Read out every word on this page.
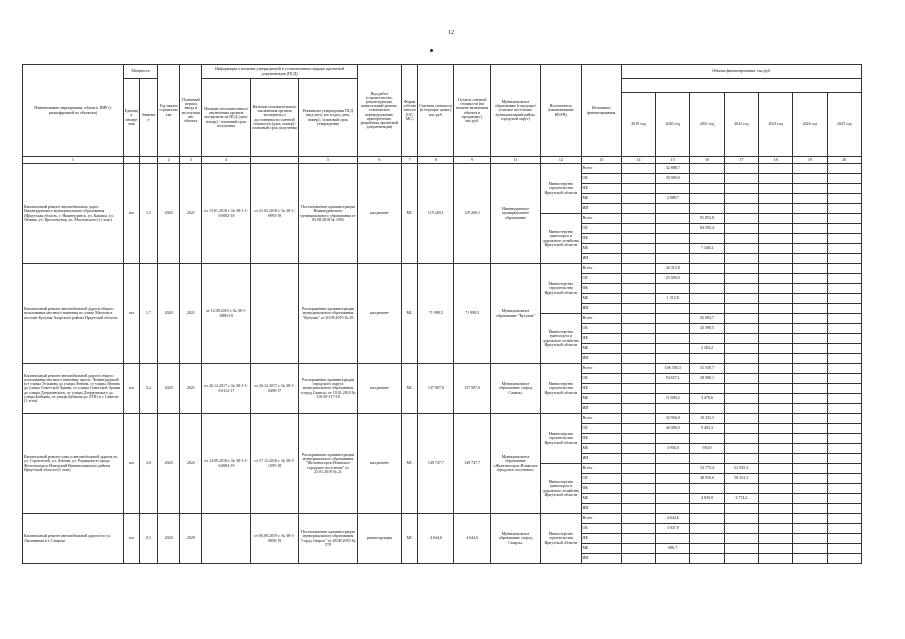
12
Наименование мероприятия, объекта, ПИР (с расшифровкой по объектам)	Мощность		Год начала строительства	Плановый период ввода в эксплуатацию объекта	Информация о наличии утвержденной в установленном порядке проектной документации (ПСД)			Вид работ (строительство, реконструкция, капитальный ремонт, техническое перевооружение, приобретение, разработка проектной документации)	Форма собственности (ОС/МС)	Сметная стоимость (в текущих ценах), тыс.руб.	Остаток сметной стоимости (на момент включения объекта в программу), тыс.руб.	Муниципальное образование (городское/сельское поселение, муниципальный район, городской округ)	Исполнитель (наименование ИОГВ)	Источники финансирования	Объемы финансирования, тыс.руб.						
	Единица измерения	Значение			Наличие положительного заключения органов экспертизы на ПСД (дата, номер) / плановый срок получения	Наличие положительного заключения органов экспертизы о достоверности сметной стоимости (дата, номер) / плановый срок получения	Реквизиты утверждения ПСД (вид акта, кто издал, дата, номер) / плановый срок утверждения														
															2019 год	2020 год	2021 год	2022 год	2023 год	2024 год	2025 год
1			2	3	4		5	6	7	8	9	11	12	13	14	15	16	17	18	19	20
Капитальный ремонт автомобильных дорог Нижнеудинского муниципального образования (Иркутская область, г. Нижнеудинск, ул. Кашика, ул. Ленина, ул. Проспектная, ул. Масловского) (1 этап)	км	1,5	2020	2021	от 13.01.2018 г. № 38-1-1-3-0002-18	от 21.02.2018 г. № 38-1-0993-18	Постановление администрации Нижнеудинского муниципального образования от 03.08.2018 № 1095	кап.ремонт	МС	119 269,1	119 269,1	Нижнеудинское муниципальное образование	Министерство строительства Иркутской области	Всего		32 888,7					
														ОБ		30 000,0					
														ФБ							
														МБ		2 888,7					
														ИИ							
													Министерство транспорта и дорожного хозяйства Иркутской области	Всего			91 853,8				
														ОБ			84 505,4				
														ФБ							
														МБ			7 348,4				
														ИИ							
Капитальный ремонт автомобильной дороги общего пользования местного значения по улице Матлова в поселке Кутулик Аларского района Иркутской области	км	1,7	2020	2021	от 12.08.2019 г. № 38-1-0880-19		Распоряжение администрации муниципального образования "Кутулик" от 20.08.2019 № 29	кап.ремонт	МС	71 998,5	71 998,5	Муниципальное образование "Кутулик"	Министерство строительства Иркутской области	Всего		26 315,8					
														ОБ		25 000,0					
														ФБ							
														МБ		1 315,8					
														ИИ							
													Министерство транспорта и дорожного хозяйства Иркутской области	Всего			45 682,7				
														ОБ			43 398,5				
														ФБ							
														МБ			2 284,2				
														ИИ							
Капитальный ремонт автомобильной дороги общего пользования местного значения: просп. Ленинградский (от улицы Тельмана до улицы Ленина, от улицы Ленина до улицы Советской Армии, от улицы Советской Армии до улицы Дзержинского, от улицы Дзержинского до улицы Бабкина, от улицы Бабкина до АТП) в г. Саянске (1 этап)	км	3,2	2020	2021	от 26.12.2017 г. № 38-1-1-3-0112-17	от 26.12.2017 г. № 38-1-0490-17	Распоряжение администрации городского округа муниципального образования «город Саянск» от 10.01.2018 № 110-29-117-18	кап.ремонт	МС	137 907,0	137 907,0	Муниципальное образование «город Саянск»	Министерство строительства Иркутской области	Всего		106 356,3	31 550,7				
														ОБ		94 657,1	28 080,1				
														ФБ							
														МБ		11 699,2	3 470,6				
														ИИ							
Капитальный ремонт улиц и автомобильной дороги по ул. Строителей, ул. Ангенв, ул. Радищева в городе Железногорск-Илимский Нижнеилимского района Иркутской области (1 этап)	км	2,0	2020	2022	от 14.09.2018 г. № 38-1-1-3-0084-18	от 17.12.2018 г. № 38-1-1095-18	Распоряжение администрации муниципального образования "Железногорск-Илимское городское поселение" от 23.01.2019 № 21	кап.ремонт	МС	149 747,7	149 747,7	Муниципальное образование «Железногорск-Илимское городское поселение»	Министерство строительства Иркутской области	Всего		43 956,0	10 333,3				
														ОБ		40 000,0	9 403,3				
														ФБ							
														МБ		3 956,0	930,0				
														ИИ							
													Министерство транспорта и дорожного хозяйства Иркутской области	Всего			53 775,4	61 935,3			
														ОБ			48 935,6	58 161,1			
														ФБ							
														МБ			4 839,8	3 774,2			
														ИИ							
Капитальный ремонт автомобильной дороги по ул. Листвянная в г. Свирске	км	0,5	2020	2020		от 06.08.2019 г. № 38-1-0858-19	Постановление администрации муниципального образования "город Свирск" от 28.08.2019 № 578	реконструкция	МС	4 644,6	4 644,6	Муниципальное образование «город Свирск»	Министерство строительства Иркутской области	Всего		4 644,6					
														ОБ		3 947,9					
														ФБ							
														МБ		696,7					
														ИИ							
